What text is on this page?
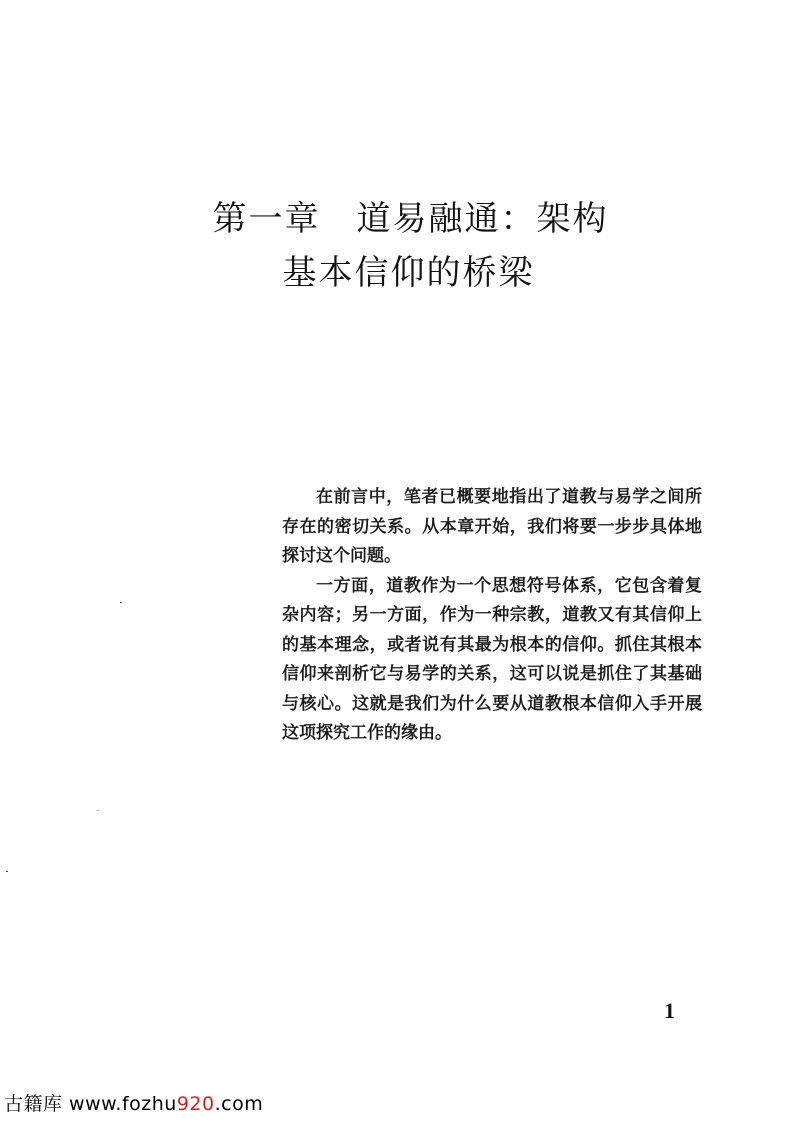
第一章　道易融通：架构
基本信仰的桥梁

在前言中，笔者已概要地指出了道教与易学之间所存在的密切关系。从本章开始，我们将要一步步具体地探讨这个问题。

一方面，道教作为一个思想符号体系，它包含着复杂内容；另一方面，作为一种宗教，道教又有其信仰上的基本理念，或者说有其最为根本的信仰。抓住其根本信仰来剖析它与易学的关系，这可以说是抓住了其基础与核心。这就是我们为什么要从道教根本信仰入手开展这项探究工作的缘由。

1
古籍库 www.fozhu920.com
